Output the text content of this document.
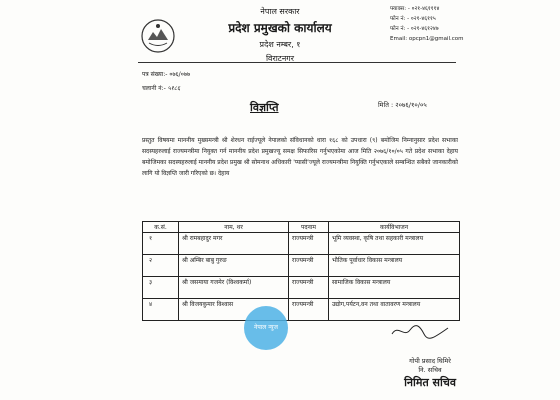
नेपाल सरकार
प्रदेश प्रमुखको कार्यालय
प्रदेश नम्बर, १
विराटनगर
फ्याक्स: - ०२१-४६१११४
फोन नं: - ०२१-४६११५
फोन नं: - ०२१-४६१२४७
Email: opcpn1@gmail.com
पत्र संख्या:- ०७६/०७७
चलानी नं:- ५१८६
विज्ञप्ति	मिति : २०७६/१०/०५
प्रस्तुत विषयमा माननीय मुख्यमन्त्री श्री शेरधन राईज्यूले नेपालको संविधानको धारा १६८ को उपधारा (९) बमोजिम निम्नानुसार प्रदेश सभाका सदस्यहरुलाई राज्यमन्त्रीमा नियुक्त गर्न माननीय प्रदेश प्रमुखज्यू समक्ष सिफारिस गर्नुभएकोमा आज मिति २०७६/१०/०५ गते प्रदेश सभाका देहाय बमोजिमका सदस्यहरुलाई माननीय प्रदेश प्रमुख श्री सोमनाथ अधिकारी 'प्यासी'ज्यूले राज्यमन्त्रीमा नियुक्ति गर्नुभएकाले सम्बन्धित सबैको जानकारीको लागि यो विज्ञप्ति जारी गरिएको छ। देहाय
क.सं.	नाम, थर	पदनाम	कार्यविभाजन
१	श्री रामबहादुर मगर	राज्यमन्त्री	भूमि व्यवस्था, कृषि तथा सहकारी मन्त्रालय
२	श्री अम्बिर बाबु गुरुङ	राज्यमन्त्री	भौतिक पूर्वाधार विकास मन्त्रालय
३	श्री जसमाया गजमेर (विश्वकर्मा)	राज्यमन्त्री	सामाजिक विकास मन्त्रालय
४	श्री विजयकुमार विश्वास	राज्यमन्त्री	उद्योग,पर्यटन,वन तथा वातावरण मन्त्रालय
नेपाल न्युज
गोपी प्रसाद घिमिरे
नि. सचिव
निमित सचिव
